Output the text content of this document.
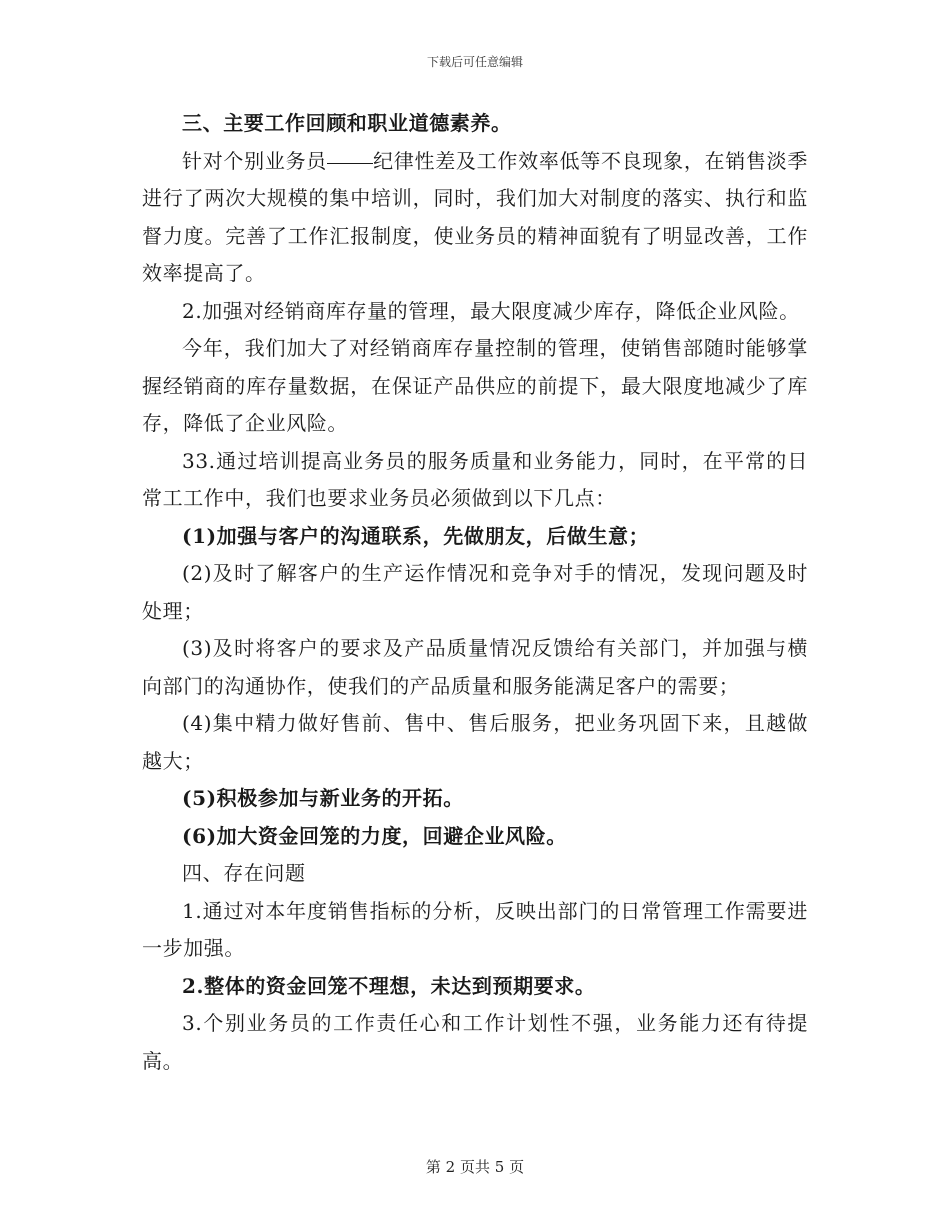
下载后可任意编辑

三、主要工作回顾和职业道德素养。

针对个别业务员 纪律性差及工作效率低等不良现象，在销售淡季进行了两次大规模的集中培训，同时，我们加大对制度的落实、执行和监督力度。完善了工作汇报制度，使业务员的精神面貌有了明显改善，工作效率提高了。

2.加强对经销商库存量的管理，最大限度减少库存，降低企业风险。

今年，我们加大了对经销商库存量控制的管理，使销售部随时能够掌握经销商的库存量数据，在保证产品供应的前提下，最大限度地减少了库存，降低了企业风险。

33.通过培训提高业务员的服务质量和业务能力，同时，在平常的日常工工作中，我们也要求业务员必须做到以下几点：

(1)加强与客户的沟通联系，先做朋友，后做生意；

(2)及时了解客户的生产运作情况和竞争对手的情况，发现问题及时处理；

(3)及时将客户的要求及产品质量情况反馈给有关部门，并加强与横向部门的沟通协作，使我们的产品质量和服务能满足客户的需要；

(4)集中精力做好售前、售中、售后服务，把业务巩固下来，且越做越大；

(5)积极参加与新业务的开拓。

(6)加大资金回笼的力度，回避企业风险。

四、存在问题

1.通过对本年度销售指标的分析，反映出部门的日常管理工作需要进一步加强。

2.整体的资金回笼不理想，未达到预期要求。

3.个别业务员的工作责任心和工作计划性不强，业务能力还有待提高。

第 2 页共 5 页
